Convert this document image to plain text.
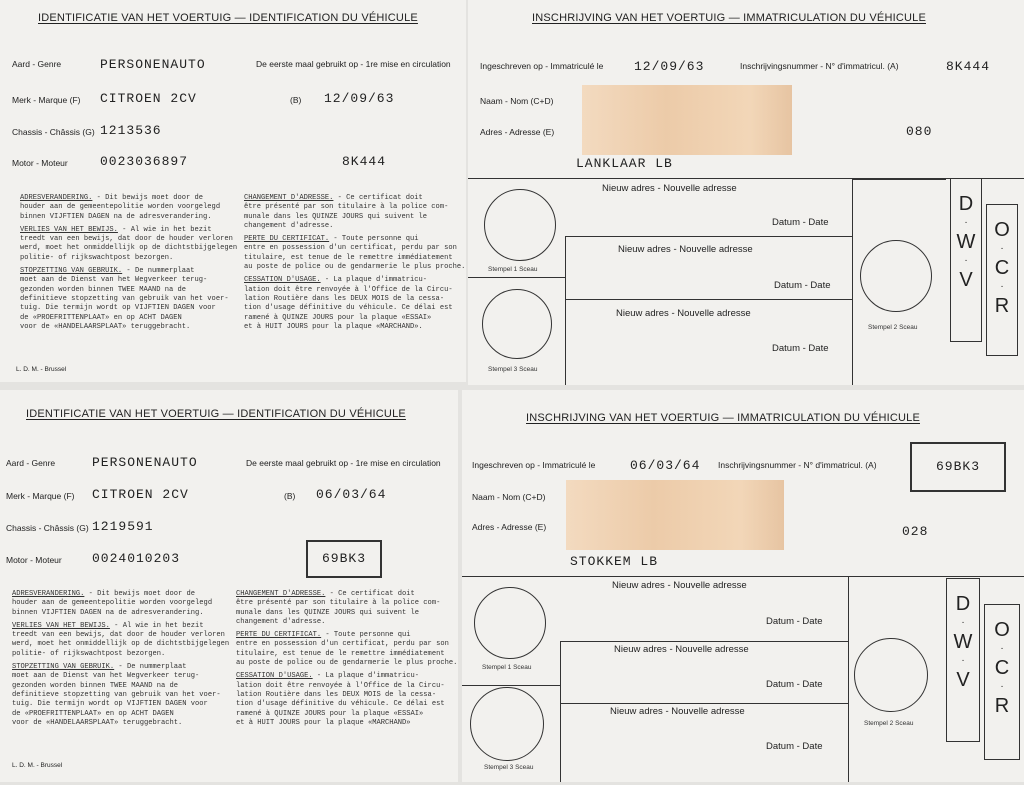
IDENTIFICATIE VAN HET VOERTUIG — IDENTIFICATION DU VÉHICULE
Aard - Genre	PERSONENAUTO	De eerste maal gebruikt op - 1re mise en circulation
Merk - Marque (F) CITROEN 2CV	(B) 12/09/63
Chassis - Châssis (G) 1213536
Motor - Moteur 0023036897	8K444
ADRESVERANDERING. - Dit bewijs moet door de
houder aan de gemeentepolitie worden voorgelegd
binnen VIJFTIEN DAGEN na de adresverandering.
VERLIES VAN HET BEWIJS. - Al wie in het bezit
treedt van een bewijs, dat door de houder verloren
werd, moet het onmiddellijk op de dichtstbijgelegen
politie- of rijkswachtpost bezorgen.
STOPZETTING VAN GEBRUIK. - De nummerplaat
moet aan de Dienst van het Wegverkeer terug-
gezonden worden binnen TWEE MAAND na de
definitieve stopzetting van gebruik van het voer-
tuig. Die termijn wordt op VIJFTIEN DAGEN voor
de «PROEFRITTENPLAAT» en op ACHT DAGEN
voor de «HANDELAARSPLAAT» teruggebracht.
CHANGEMENT D'ADRESSE. - Ce certificat doit
être présenté par son titulaire à la police com-
munale dans les QUINZE JOURS qui suivent le
changement d'adresse.
PERTE DU CERTIFICAT. - Toute personne qui
entre en possession d'un certificat, perdu par son
titulaire, est tenue de le remettre immédiatement
au poste de police ou de gendarmerie le plus proche.
CESSATION D'USAGE. - La plaque d'immatricu-
lation doit être renvoyée à l'Office de la Circu-
lation Routière dans les DEUX MOIS de la cessa-
tion d'usage définitive du véhicule. Ce délai est
ramené à QUINZE JOURS pour la plaque «ESSAI»
et à HUIT JOURS pour la plaque «MARCHAND».
L. D. M. - Brussel
INSCHRIJVING VAN HET VOERTUIG — IMMATRICULATION DU VÉHICULE
Ingeschreven op - Immatriculé le 12/09/63	Inschrijvingsnummer - N° d'immatricul. (A)	8K444
Naam - Nom (C+D)
Adres - Adresse (E)	080
LANKLAAR LB
Nieuw adres - Nouvelle adresse
Datum - Date
Nieuw adres - Nouvelle adresse
Datum - Date
Nieuw adres - Nouvelle adresse
Datum - Date
Stempel 1 Sceau
Stempel 3 Sceau
Stempel 2 Sceau
D
·
W
·
V
O
·
C
·
R
IDENTIFICATIE VAN HET VOERTUIG — IDENTIFICATION DU VÉHICULE
Aard - Genre	PERSONENAUTO	De eerste maal gebruikt op - 1re mise en circulation
Merk - Marque (F) CITROEN 2CV	(B) 06/03/64
Chassis - Châssis (G) 1219591
Motor - Moteur 0024010203	69BK3
ADRESVERANDERING. - Dit bewijs moet door de
houder aan de gemeentepolitie worden voorgelegd
binnen VIJFTIEN DAGEN na de adresverandering.
VERLIES VAN HET BEWIJS. - Al wie in het bezit
treedt van een bewijs, dat door de houder verloren
werd, moet het onmiddellijk op de dichtstbijgelegen
politie- of rijkswachtpost bezorgen.
STOPZETTING VAN GEBRUIK. - De nummerplaat
moet aan de Dienst van het Wegverkeer terug-
gezonden worden binnen TWEE MAAND na de
definitieve stopzetting van gebruik van het voer-
tuig. Die termijn wordt op VIJFTIEN DAGEN voor
de «PROEFRITTENPLAAT» en op ACHT DAGEN
voor de «HANDELAARSPLAAT» teruggebracht.
CHANGEMENT D'ADRESSE. - Ce certificat doit
être présenté par son titulaire à la police com-
munale dans les QUINZE JOURS qui suivent le
changement d'adresse.
PERTE DU CERTIFICAT. - Toute personne qui
entre en possession d'un certificat, perdu par son
titulaire, est tenue de le remettre immédiatement
au poste de police ou de gendarmerie le plus proche.
CESSATION D'USAGE. - La plaque d'immatricu-
lation doit être renvoyée à l'Office de la Circu-
lation Routière dans les DEUX MOIS de la cessa-
tion d'usage définitive du véhicule. Ce délai est
ramené à QUINZE JOURS pour la plaque «ESSAI»
et à HUIT JOURS pour la plaque «MARCHAND»
L. D. M. - Brussel
INSCHRIJVING VAN HET VOERTUIG — IMMATRICULATION DU VÉHICULE
Ingeschreven op - Immatriculé le	06/03/64 Inschrijvingsnummer - N° d'immatricul. (A)	69BK3
Naam - Nom (C+D)
Adres - Adresse (E)	028
STOKKEM LB
Nieuw adres - Nouvelle adresse
Datum - Date
Nieuw adres - Nouvelle adresse
Datum - Date
Nieuw adres - Nouvelle adresse
Datum - Date
Stempel 1 Sceau
Stempel 3 Sceau
Stempel 2 Sceau
D
·
W
·
V
O
·
C
·
R
